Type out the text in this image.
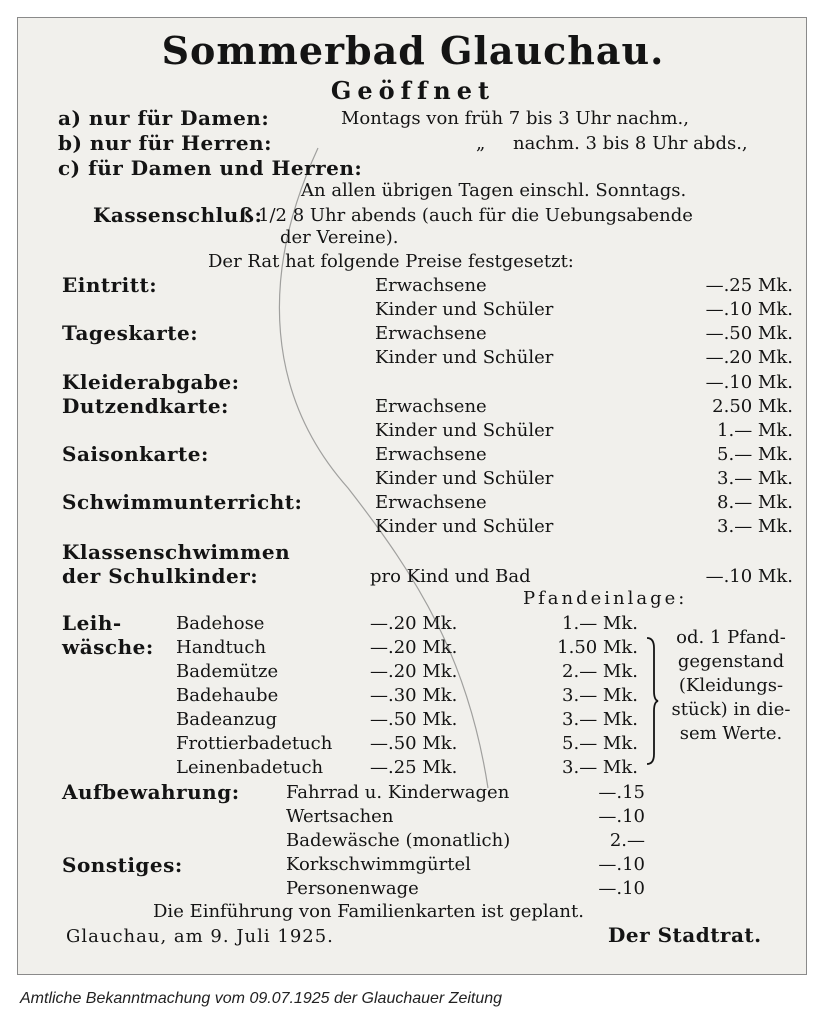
Sommerbad Glauchau.
Geöffnet
a) nur für Damen:	Montags von früh 7 bis 3 Uhr nachm.,
b) nur für Herren:	„ nachm. 3 bis 8 Uhr abds.,
c) für Damen und Herren:
An allen übrigen Tagen einschl. Sonntags.
Kassenschluß:
1/2 8 Uhr abends (auch für die Uebungsabende
der Vereine).
Der Rat hat folgende Preise festgesetzt:
Eintritt:	Erwachsene	—.25 Mk.
Kinder und Schüler	—.10 Mk.
Tageskarte:	Erwachsene	—.50 Mk.
Kinder und Schüler	—.20 Mk.
Kleiderabgabe:	—.10 Mk.
Dutzendkarte:	Erwachsene	2.50 Mk.
Kinder und Schüler	1.— Mk.
Saisonkarte:	Erwachsene	5.— Mk.
Kinder und Schüler	3.— Mk.
Schwimmunterricht:	Erwachsene	8.— Mk.
Kinder und Schüler	3.— Mk.
Klassenschwimmen
der Schulkinder:	pro Kind und Bad	—.10 Mk.
Pfandeinlage:
Leih-
wäsche:
Badehose	—.20 Mk.	1.— Mk.
Handtuch	—.20 Mk.	1.50 Mk.
Bademütze	—.20 Mk.	2.— Mk.
Badehaube	—.30 Mk.	3.— Mk.
Badeanzug	—.50 Mk.	3.— Mk.
Frottierbadetuch —.50 Mk.	5.— Mk.
Leinenbadetuch	—.25 Mk.	3.— Mk.
od. 1 Pfand-
gegenstand
(Kleidungs-
stück) in die-
sem Werte.
Aufbewahrung:	Fahrrad u. Kinderwagen	—.15
Wertsachen	—.10
Badewäsche (monatlich)	2.—
Sonstiges:	Korkschwimmgürtel	—.10
Personenwage	—.10
Die Einführung von Familienkarten ist geplant.
Glauchau, am 9. Juli 1925.	Der Stadtrat.
Amtliche Bekanntmachung vom 09.07.1925 der Glauchauer Zeitung
